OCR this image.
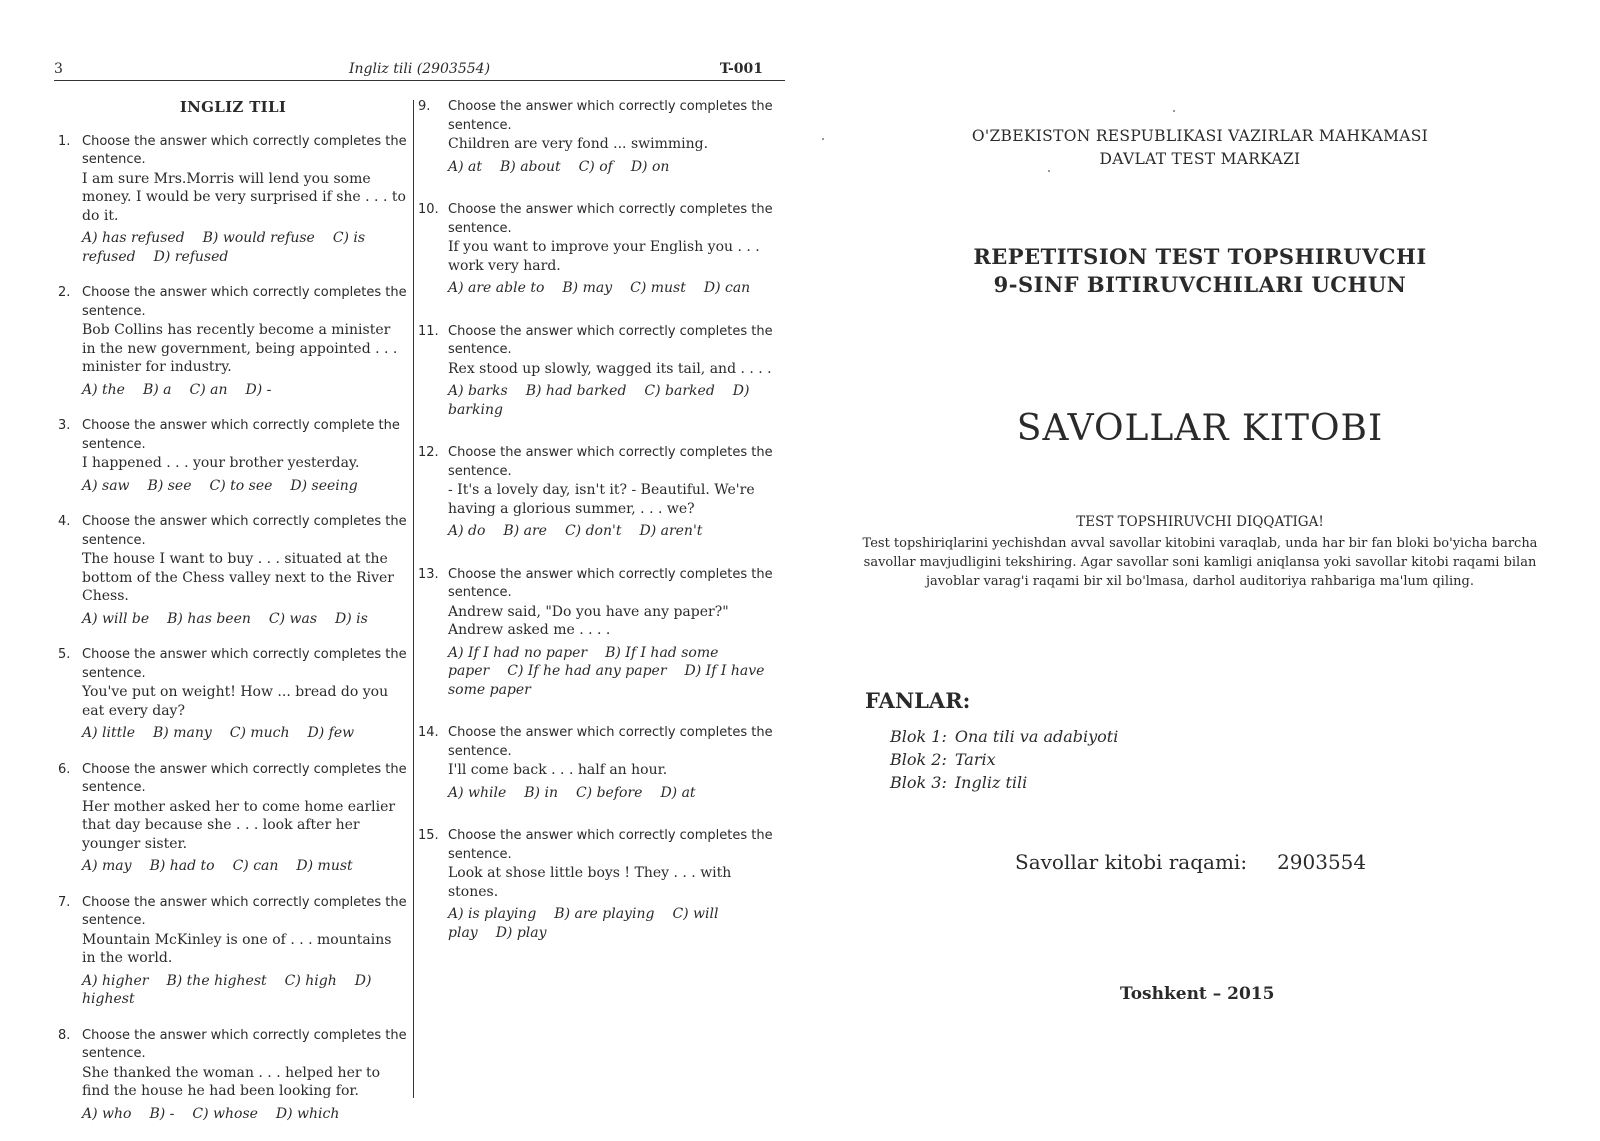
Ingliz tili (2903554)
3	T-001
INGLIZ TILI
1. Choose the answer which correctly completes the sentence.
I am sure Mrs.Morris will lend you some money. I would be very surprised if she . . . to do it.
A) has refused B) would refuse C) is refused D) refused
2. Choose the answer which correctly completes the sentence.
Bob Collins has recently become a minister in the new government, being appointed . . . minister for industry.
A) the B) a C) an D) -
3. Choose the answer which correctly complete the sentence.
I happened . . . your brother yesterday.
A) saw B) see C) to see D) seeing
4. Choose the answer which correctly completes the sentence.
The house I want to buy . . . situated at the bottom of the Chess valley next to the River Chess.
A) will be B) has been C) was D) is
5. Choose the answer which correctly completes the sentence.
You've put on weight! How ... bread do you eat every day?
A) little B) many C) much D) few
6. Choose the answer which correctly completes the sentence.
Her mother asked her to come home earlier that day because she . . . look after her younger sister.
A) may B) had to C) can D) must
7. Choose the answer which correctly completes the sentence.
Mountain McKinley is one of . . . mountains in the world.
A) higher B) the highest C) high D) highest
8. Choose the answer which correctly completes the sentence.
She thanked the woman . . . helped her to find the house he had been looking for.
A) who B) - C) whose D) which
9. Choose the answer which correctly completes the sentence.
Children are very fond ... swimming.
A) at B) about C) of D) on
10. Choose the answer which correctly completes the sentence.
If you want to improve your English you . . . work very hard.
A) are able to B) may C) must D) can
11. Choose the answer which correctly completes the sentence.
Rex stood up slowly, wagged its tail, and . . . .
A) barks B) had barked C) barked D) barking
12. Choose the answer which correctly completes the sentence.
- It's a lovely day, isn't it? - Beautiful. We're having a glorious summer, . . . we?
A) do B) are C) don't D) aren't
13. Choose the answer which correctly completes the sentence.
Andrew said, "Do you have any paper?" Andrew asked me . . . .
A) If I had no paper B) If I had some paper C) If he had any paper D) If I have some paper
14. Choose the answer which correctly completes the sentence.
I'll come back . . . half an hour.
A) while B) in C) before D) at
15. Choose the answer which correctly completes the sentence.
Look at shose little boys ! They . . . with stones.
A) is playing B) are playing C) will play D) play
O'ZBEKISTON RESPUBLIKASI VAZIRLAR MAHKAMASI
DAVLAT TEST MARKAZI
REPETITSION TEST TOPSHIRUVCHI
9-SINF BITIRUVCHILARI UCHUN
SAVOLLAR KITOBI
TEST TOPSHIRUVCHI DIQQATIGA!
Test topshiriqlarini yechishdan avval savollar kitobini varaqlab, unda har bir fan bloki bo'yicha barcha savollar mavjudligini tekshiring. Agar savollar soni kamligi aniqlansa yoki savollar kitobi raqami bilan javoblar varag'i raqami bir xil bo'lmasa, darhol auditoriya rahbariga ma'lum qiling.
FANLAR:
Blok 1: Ona tili va adabiyoti
Blok 2: Tarix
Blok 3: Ingliz tili
Savollar kitobi raqami: 2903554
Toshkent – 2015
